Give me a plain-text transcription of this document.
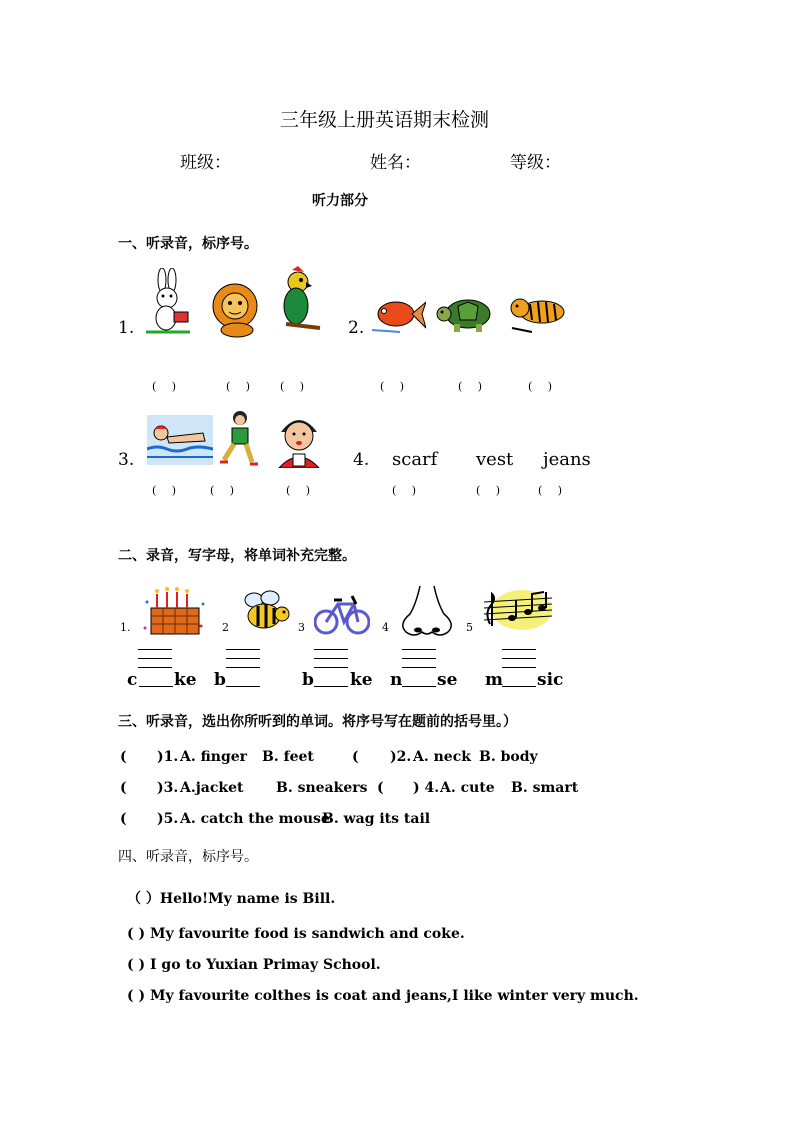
三年级上册英语期末检测
班级：	姓名：	等级：
听力部分
一、听录音，标序号。
1.	2.
( )	( ) ( )	( )	( )	( )
3.	4. scarf vest jeans
( )	( )	( )	( )	( )	( )
二、录音，写字母，将单词补充完整。
1.	2	3	4	5
c ke b	b ke n se m sic
三、听录音，选出你所听到的单词。将序号写在题前的括号里。）
( )1. A. finger B. feet	( )2. A. neck B. body
( )3. A.jacket B. sneakers ( ) 4. A. cute B. smart
( )5. A. catch the mouse
B. wag its tail
四、听录音，标序号。
（ ）Hello!My name is Bill.
( ) My favourite food is sandwich and coke.
( ) I go to Yuxian Primay School.
( ) My favourite colthes is coat and jeans,I like winter very much.
